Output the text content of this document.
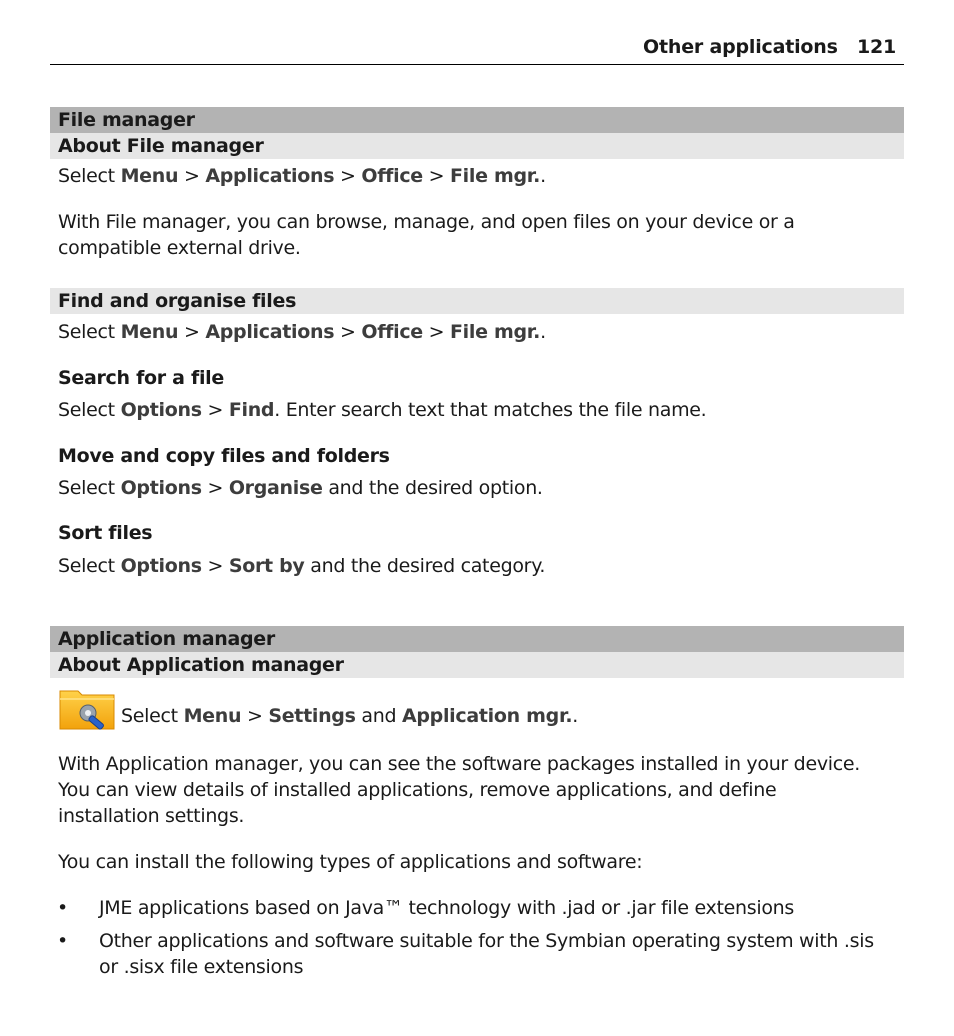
Other applications 121
File manager
About File manager
Select Menu > Applications > Office > File mgr..
With File manager, you can browse, manage, and open files on your device or a compatible external drive.
Find and organise files
Select Menu > Applications > Office > File mgr..
Search for a file
Select Options > Find. Enter search text that matches the file name.
Move and copy files and folders
Select Options > Organise and the desired option.
Sort files
Select Options > Sort by and the desired category.
Application manager
About Application manager
Select Menu > Settings and Application mgr..
With Application manager, you can see the software packages installed in your device. You can view details of installed applications, remove applications, and define installation settings.
You can install the following types of applications and software:
• JME applications based on Java™ technology with .jad or .jar file extensions
• Other applications and software suitable for the Symbian operating system with .sis or .sisx file extensions
